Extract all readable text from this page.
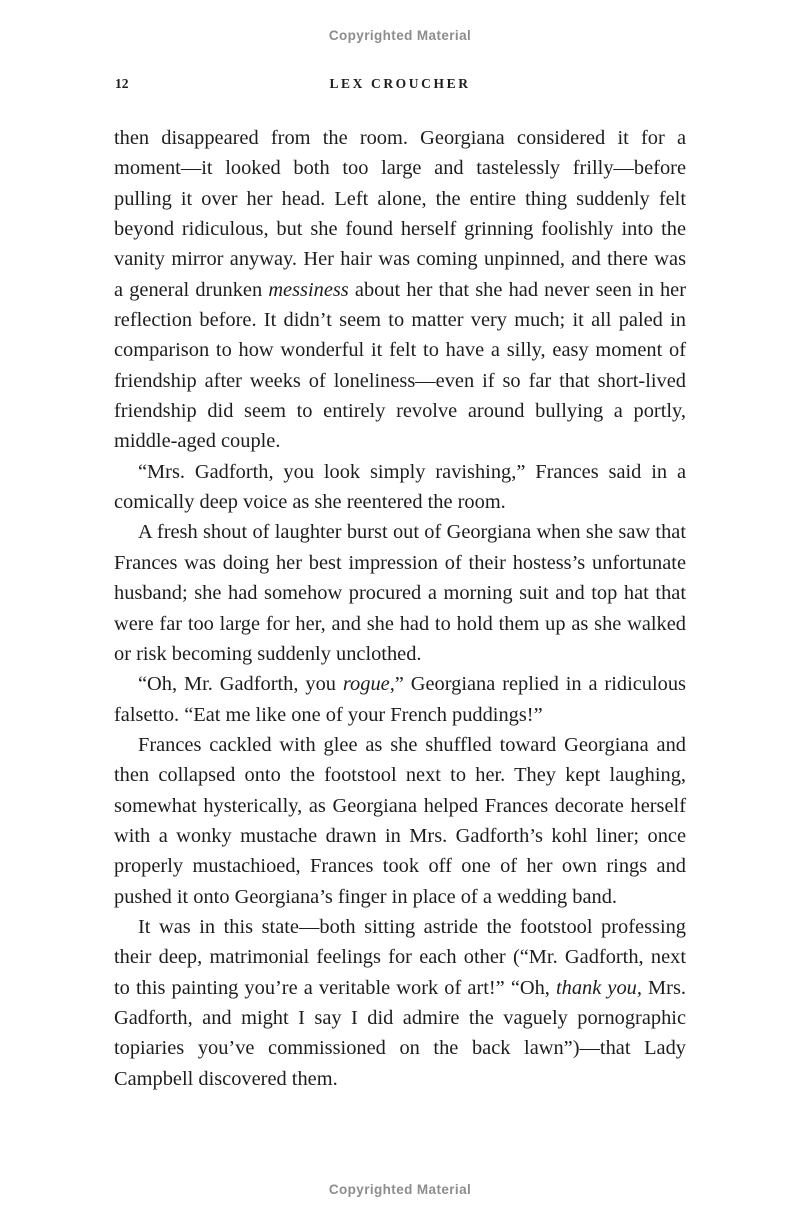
Copyrighted Material
12	LEX CROUCHER

then disappeared from the room. Georgiana considered it for a moment—it looked both too large and tastelessly frilly—before pulling it over her head. Left alone, the entire thing suddenly felt beyond ridiculous, but she found herself grinning foolishly into the vanity mirror anyway. Her hair was coming unpinned, and there was a general drunken messiness about her that she had never seen in her reflection before. It didn’t seem to matter very much; it all paled in comparison to how wonderful it felt to have a silly, easy moment of friendship after weeks of loneliness—even if so far that short-lived friendship did seem to entirely revolve around bullying a portly, middle-aged couple.

“Mrs. Gadforth, you look simply ravishing,” Frances said in a comically deep voice as she reentered the room.

A fresh shout of laughter burst out of Georgiana when she saw that Frances was doing her best impression of their hostess’s unfortunate husband; she had somehow procured a morning suit and top hat that were far too large for her, and she had to hold them up as she walked or risk becoming suddenly unclothed.

“Oh, Mr. Gadforth, you rogue,” Georgiana replied in a ridiculous falsetto. “Eat me like one of your French puddings!”

Frances cackled with glee as she shuffled toward Georgiana and then collapsed onto the footstool next to her. They kept laughing, somewhat hysterically, as Georgiana helped Frances decorate herself with a wonky mustache drawn in Mrs. Gadforth’s kohl liner; once properly mustachioed, Frances took off one of her own rings and pushed it onto Georgiana’s finger in place of a wedding band.

It was in this state—both sitting astride the footstool professing their deep, matrimonial feelings for each other (“Mr. Gadforth, next to this painting you’re a veritable work of art!” “Oh, thank you, Mrs. Gadforth, and might I say I did admire the vaguely pornographic topiaries you’ve commissioned on the back lawn”)—that Lady Campbell discovered them.

Copyrighted Material
